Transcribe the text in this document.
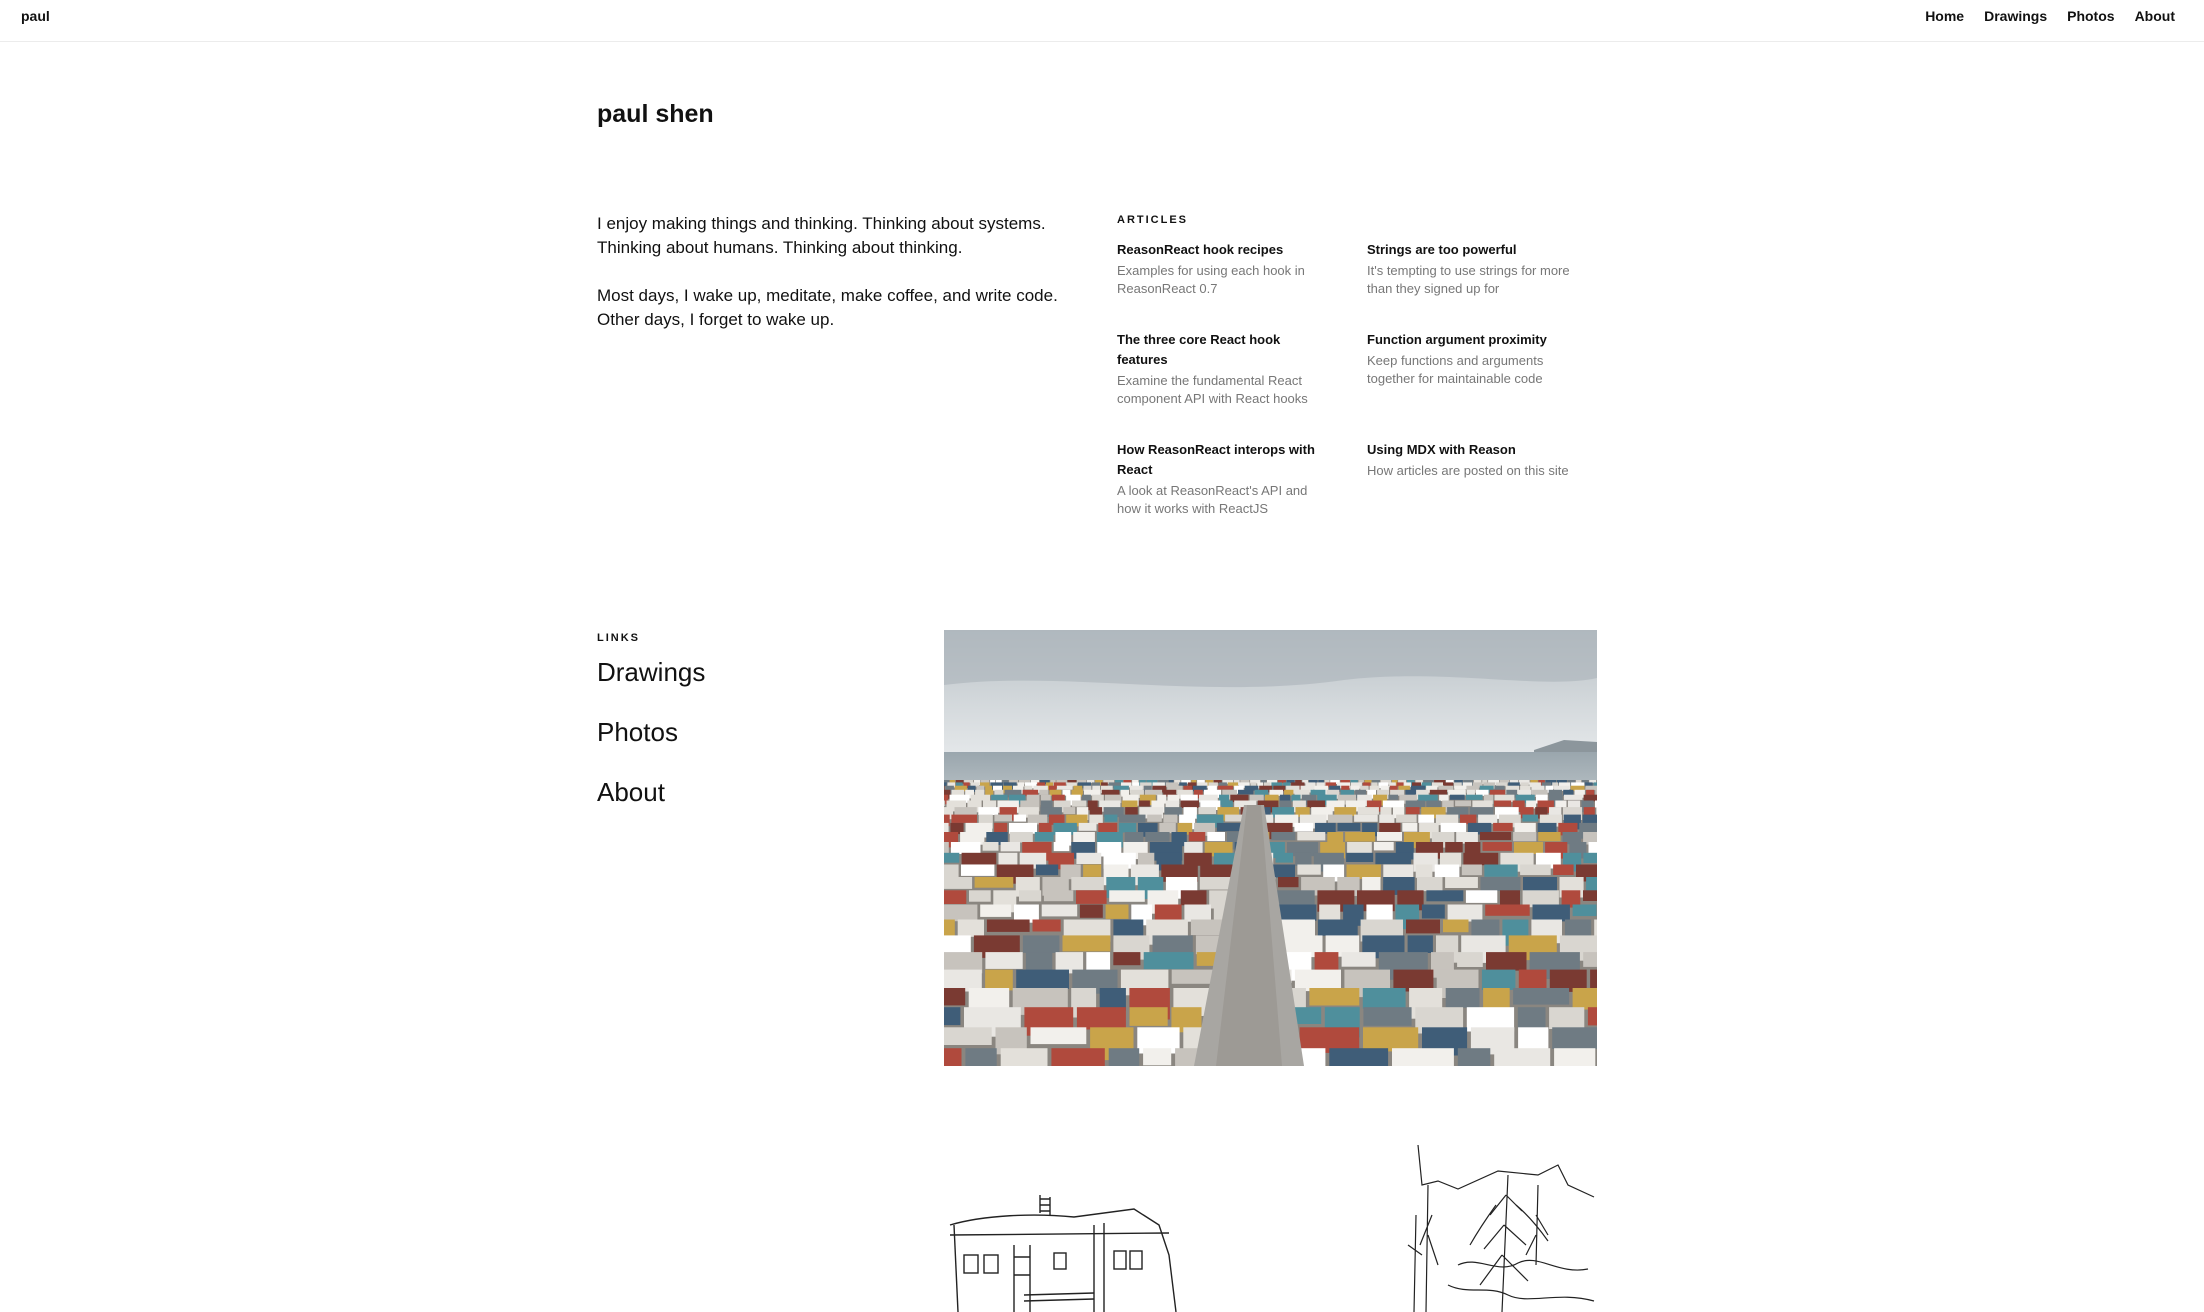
paul	Home Drawings Photos About
paul shen

I enjoy making things and thinking. Thinking about systems. Thinking about humans. Thinking about thinking.

Most days, I wake up, meditate, make coffee, and write code. Other days, I forget to wake up.

ARTICLES
ReasonReact hook recipes
Examples for using each hook in ReasonReact 0.7
Strings are too powerful
It's tempting to use strings for more than they signed up for
The three core React hook features
Examine the fundamental React component API with React hooks
Function argument proximity
Keep functions and arguments together for maintainable code
How ReasonReact interops with React
A look at ReasonReact's API and how it works with ReactJS
Using MDX with Reason
How articles are posted on this site
LINKS
Drawings
Photos
About
